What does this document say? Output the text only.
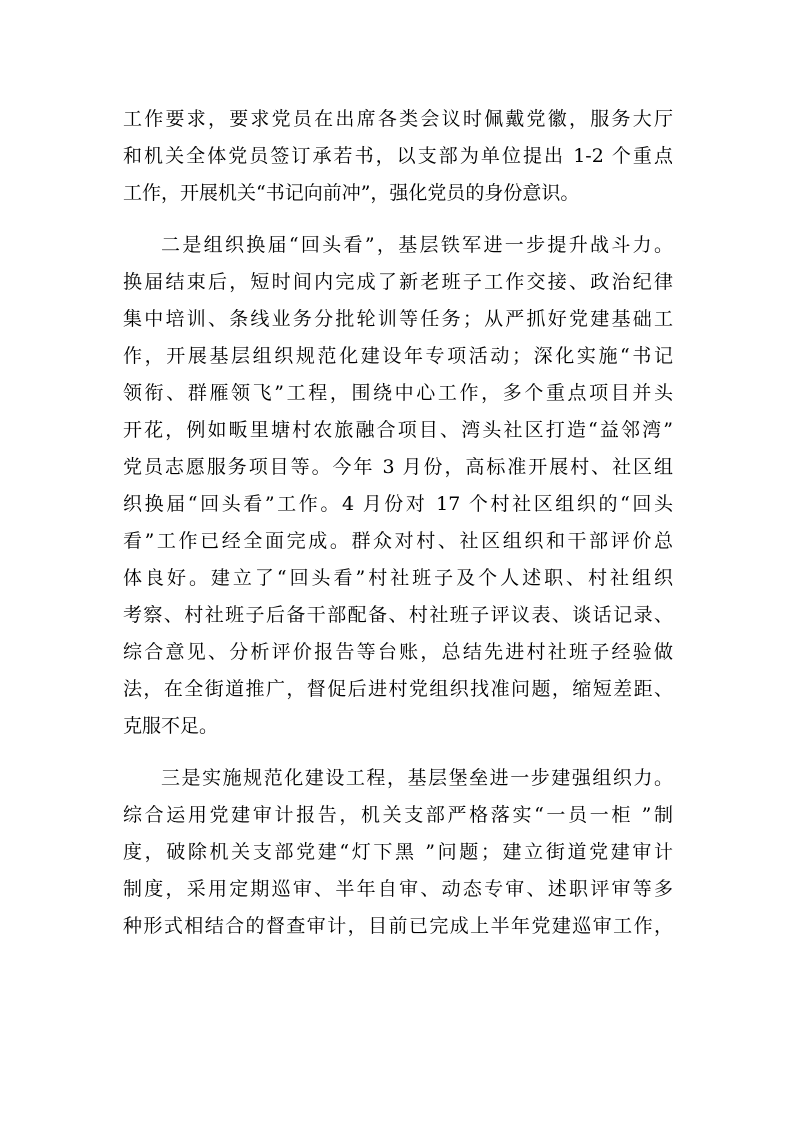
工作要求，要求党员在出席各类会议时佩戴党徽，服务大厅
和机关全体党员签订承若书，以支部为单位提出 1-2 个重点
工作，开展机关“书记向前冲”，强化党员的身份意识。
二是组织换届“回头看”，基层铁军进一步提升战斗力。
换届结束后，短时间内完成了新老班子工作交接、政治纪律
集中培训、条线业务分批轮训等任务；从严抓好党建基础工
作，开展基层组织规范化建设年专项活动；深化实施“书记
领衔、群雁领飞”工程，围绕中心工作，多个重点项目并头
开花，例如畈里塘村农旅融合项目、湾头社区打造“益邻湾”
党员志愿服务项目等。今年 3 月份，高标准开展村、社区组
织换届“回头看”工作。4 月份对 17 个村社区组织的“回头
看”工作已经全面完成。群众对村、社区组织和干部评价总
体良好。建立了“回头看”村社班子及个人述职、村社组织
考察、村社班子后备干部配备、村社班子评议表、谈话记录、
综合意见、分析评价报告等台账，总结先进村社班子经验做
法，在全街道推广，督促后进村党组织找准问题，缩短差距、
克服不足。
三是实施规范化建设工程，基层堡垒进一步建强组织力。
综合运用党建审计报告，机关支部严格落实“一员一柜 ”制
度，破除机关支部党建“灯下黑 ”问题；建立街道党建审计
制度，采用定期巡审、半年自审、动态专审、述职评审等多
种形式相结合的督查审计，目前已完成上半年党建巡审工作，
